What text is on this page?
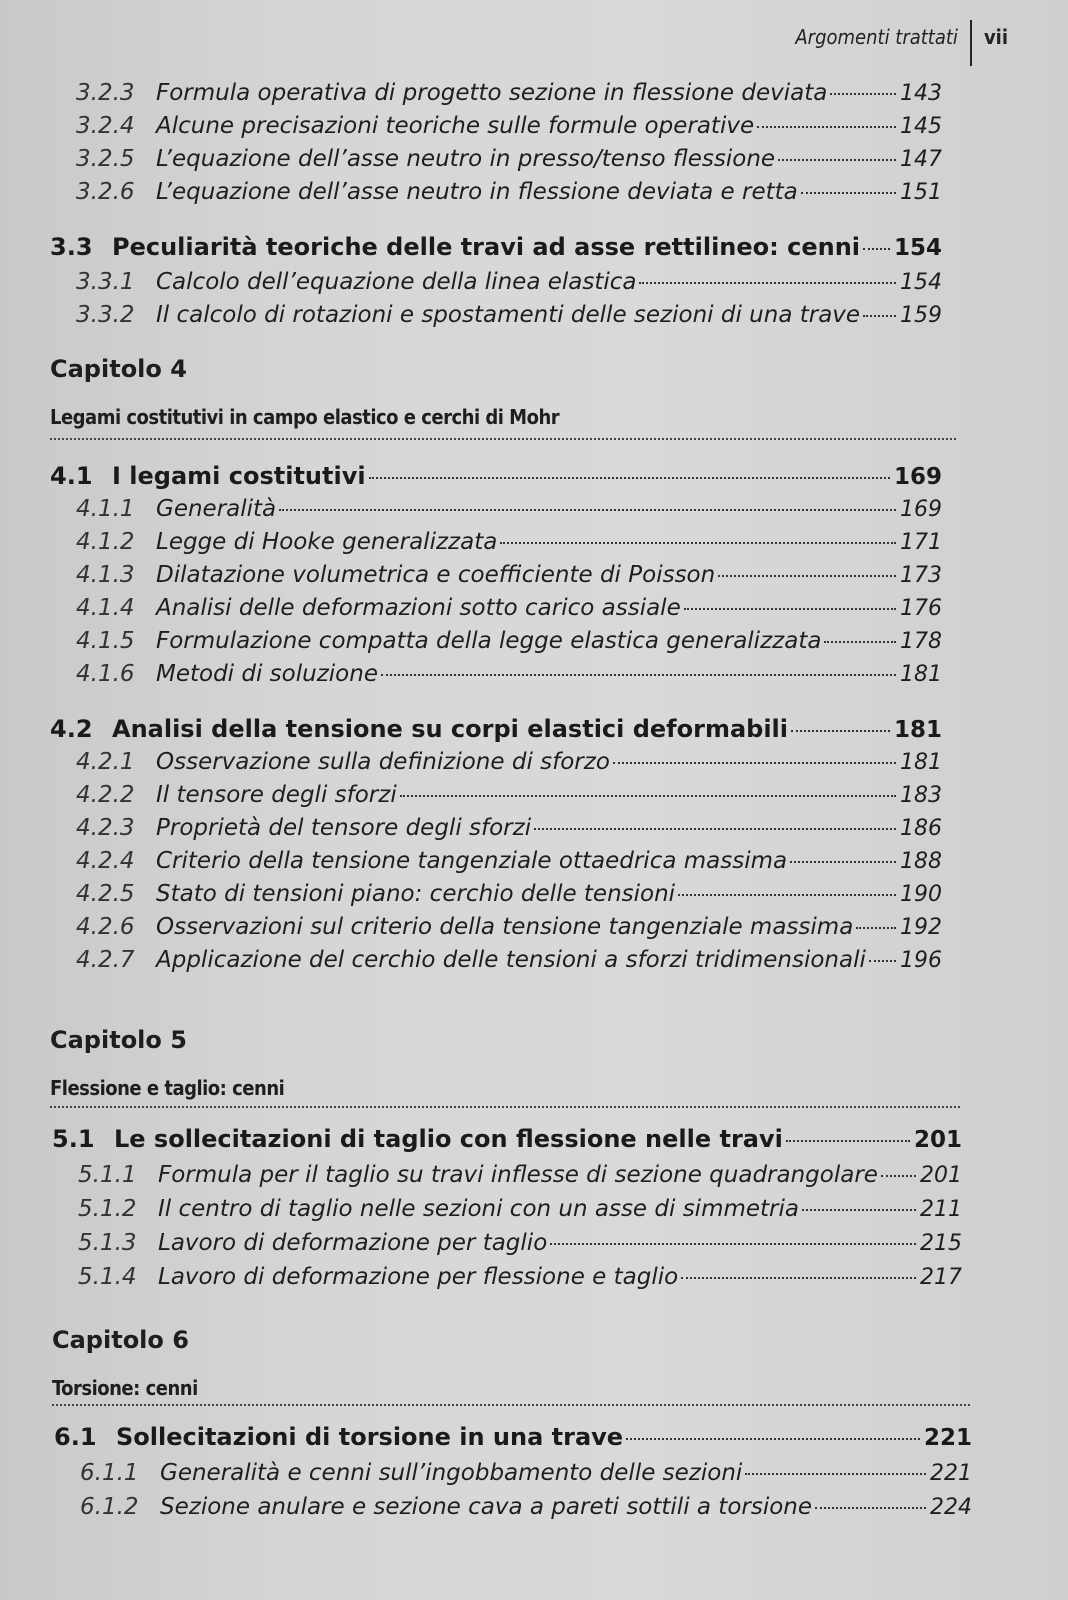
Argomenti trattati vii
3.2.3 Formula operativa di progetto sezione in flessione deviata	143
3.2.4 Alcune precisazioni teoriche sulle formule operative	145
3.2.5 L’equazione dell’asse neutro in presso/tenso flessione	147
3.2.6 L’equazione dell’asse neutro in flessione deviata e retta	151
3.3 Peculiarità teoriche delle travi ad asse rettilineo: cenni 154
3.3.1 Calcolo dell’equazione della linea elastica	154
3.3.2 Il calcolo di rotazioni e spostamenti delle sezioni di una trave 159
Capitolo 4
Legami costitutivi in campo elastico e cerchi di Mohr
4.1 I legami costitutivi	169
4.1.1 Generalità	169
4.1.2 Legge di Hooke generalizzata	171
4.1.3 Dilatazione volumetrica e coefficiente di Poisson	173
4.1.4 Analisi delle deformazioni sotto carico assiale	176
4.1.5 Formulazione compatta della legge elastica generalizzata	178
4.1.6 Metodi di soluzione	181
4.2 Analisi della tensione su corpi elastici deformabili	181
4.2.1 Osservazione sulla definizione di sforzo	181
4.2.2 Il tensore degli sforzi	183
4.2.3 Proprietà del tensore degli sforzi	186
4.2.4 Criterio della tensione tangenziale ottaedrica massima	188
4.2.5 Stato di tensioni piano: cerchio delle tensioni	190
4.2.6 Osservazioni sul criterio della tensione tangenziale massima 192
4.2.7 Applicazione del cerchio delle tensioni a sforzi tridimensionali 196
Capitolo 5
Flessione e taglio: cenni
5.1 Le sollecitazioni di taglio con flessione nelle travi	201
5.1.1 Formula per il taglio su travi inflesse di sezione quadrangolare 201
5.1.2 Il centro di taglio nelle sezioni con un asse di simmetria	211
5.1.3 Lavoro di deformazione per taglio	215
5.1.4 Lavoro di deformazione per flessione e taglio	217
Capitolo 6
Torsione: cenni
6.1 Sollecitazioni di torsione in una trave	221
6.1.1 Generalità e cenni sull’ingobbamento delle sezioni	221
6.1.2 Sezione anulare e sezione cava a pareti sottili a torsione	224
